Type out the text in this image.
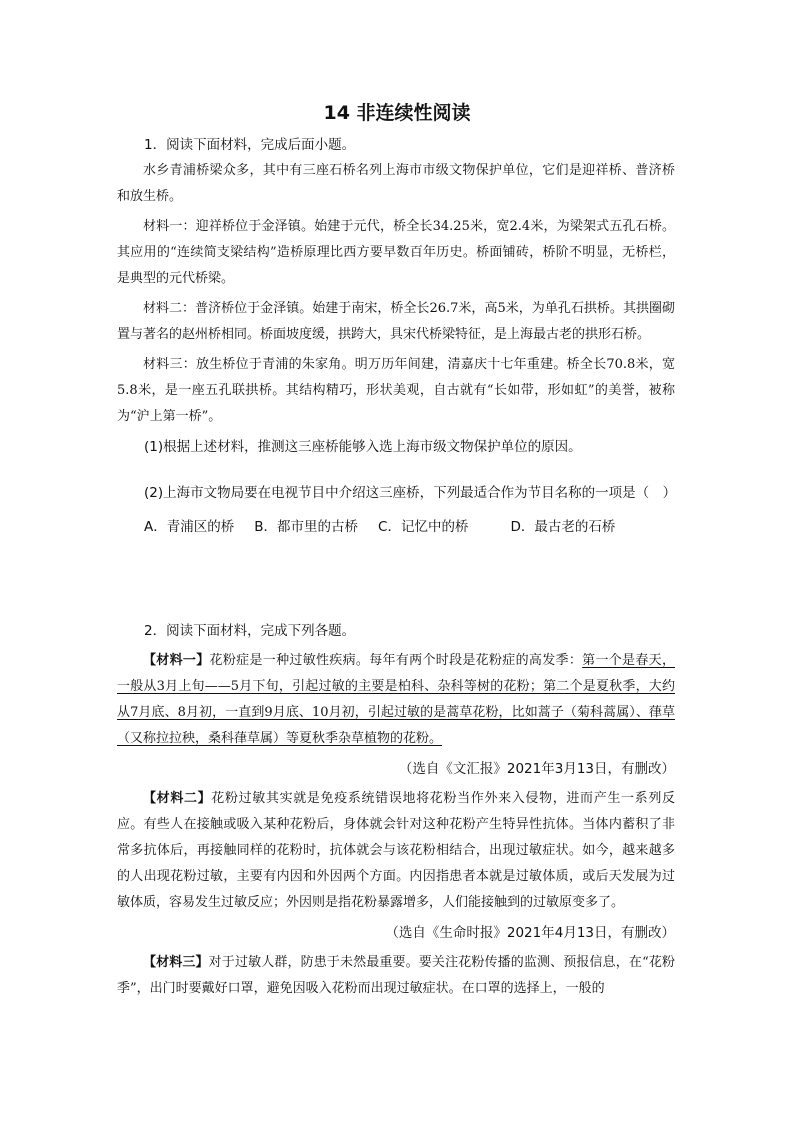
14 非连续性阅读

1．阅读下面材料，完成后面小题。

水乡青浦桥梁众多，其中有三座石桥名列上海市市级文物保护单位，它们是迎祥桥、普济桥和放生桥。

材料一：迎祥桥位于金泽镇。始建于元代，桥全长34.25米，宽2.4米，为梁架式五孔石桥。其应用的“连续简支梁结构”造桥原理比西方要早数百年历史。桥面铺砖，桥阶不明显，无桥栏，是典型的元代桥梁。

材料二：普济桥位于金泽镇。始建于南宋，桥全长26.7米，高5米，为单孔石拱桥。其拱圈砌置与著名的赵州桥相同。桥面坡度缓，拱跨大，具宋代桥梁特征，是上海最古老的拱形石桥。

材料三：放生桥位于青浦的朱家角。明万历年间建，清嘉庆十七年重建。桥全长70.8米，宽5.8米，是一座五孔联拱桥。其结构精巧，形状美观，自古就有“长如带，形如虹”的美誉，被称为“沪上第一桥”。

(1)根据上述材料，推测这三座桥能够入选上海市级文物保护单位的原因。

(2)上海市文物局要在电视节目中介绍这三座桥，下列最适合作为节目名称的一项是（　）

A．青浦区的桥 B．都市里的古桥 C．记忆中的桥	D．最古老的石桥

2．阅读下面材料，完成下列各题。

【材料一】花粉症是一种过敏性疾病。每年有两个时段是花粉症的高发季：第一个是春天，一般从3月上旬——5月下旬，引起过敏的主要是柏科、杂科等树的花粉；第二个是夏秋季，大约从7月底、8月初，一直到9月底、10月初，引起过敏的是蒿草花粉，比如蒿子（菊科蒿属）、葎草（又称拉拉秧，桑科葎草属）等夏秋季杂草植物的花粉。

（选自《文汇报》2021年3月13日，有删改）

【材料二】花粉过敏其实就是免疫系统错误地将花粉当作外来入侵物，进而产生一系列反应。有些人在接触或吸入某种花粉后，身体就会针对这种花粉产生特异性抗体。当体内蓄积了非常多抗体后，再接触同样的花粉时，抗体就会与该花粉相结合，出现过敏症状。如今，越来越多的人出现花粉过敏，主要有内因和外因两个方面。内因指患者本就是过敏体质，或后天发展为过敏体质，容易发生过敏反应；外因则是指花粉暴露增多，人们能接触到的过敏原变多了。

（选自《生命时报》2021年4月13日，有删改）

【材料三】对于过敏人群，防患于未然最重要。要关注花粉传播的监测、预报信息，在“花粉季”，出门时要戴好口罩，避免因吸入花粉而出现过敏症状。在口罩的选择上，一般的
